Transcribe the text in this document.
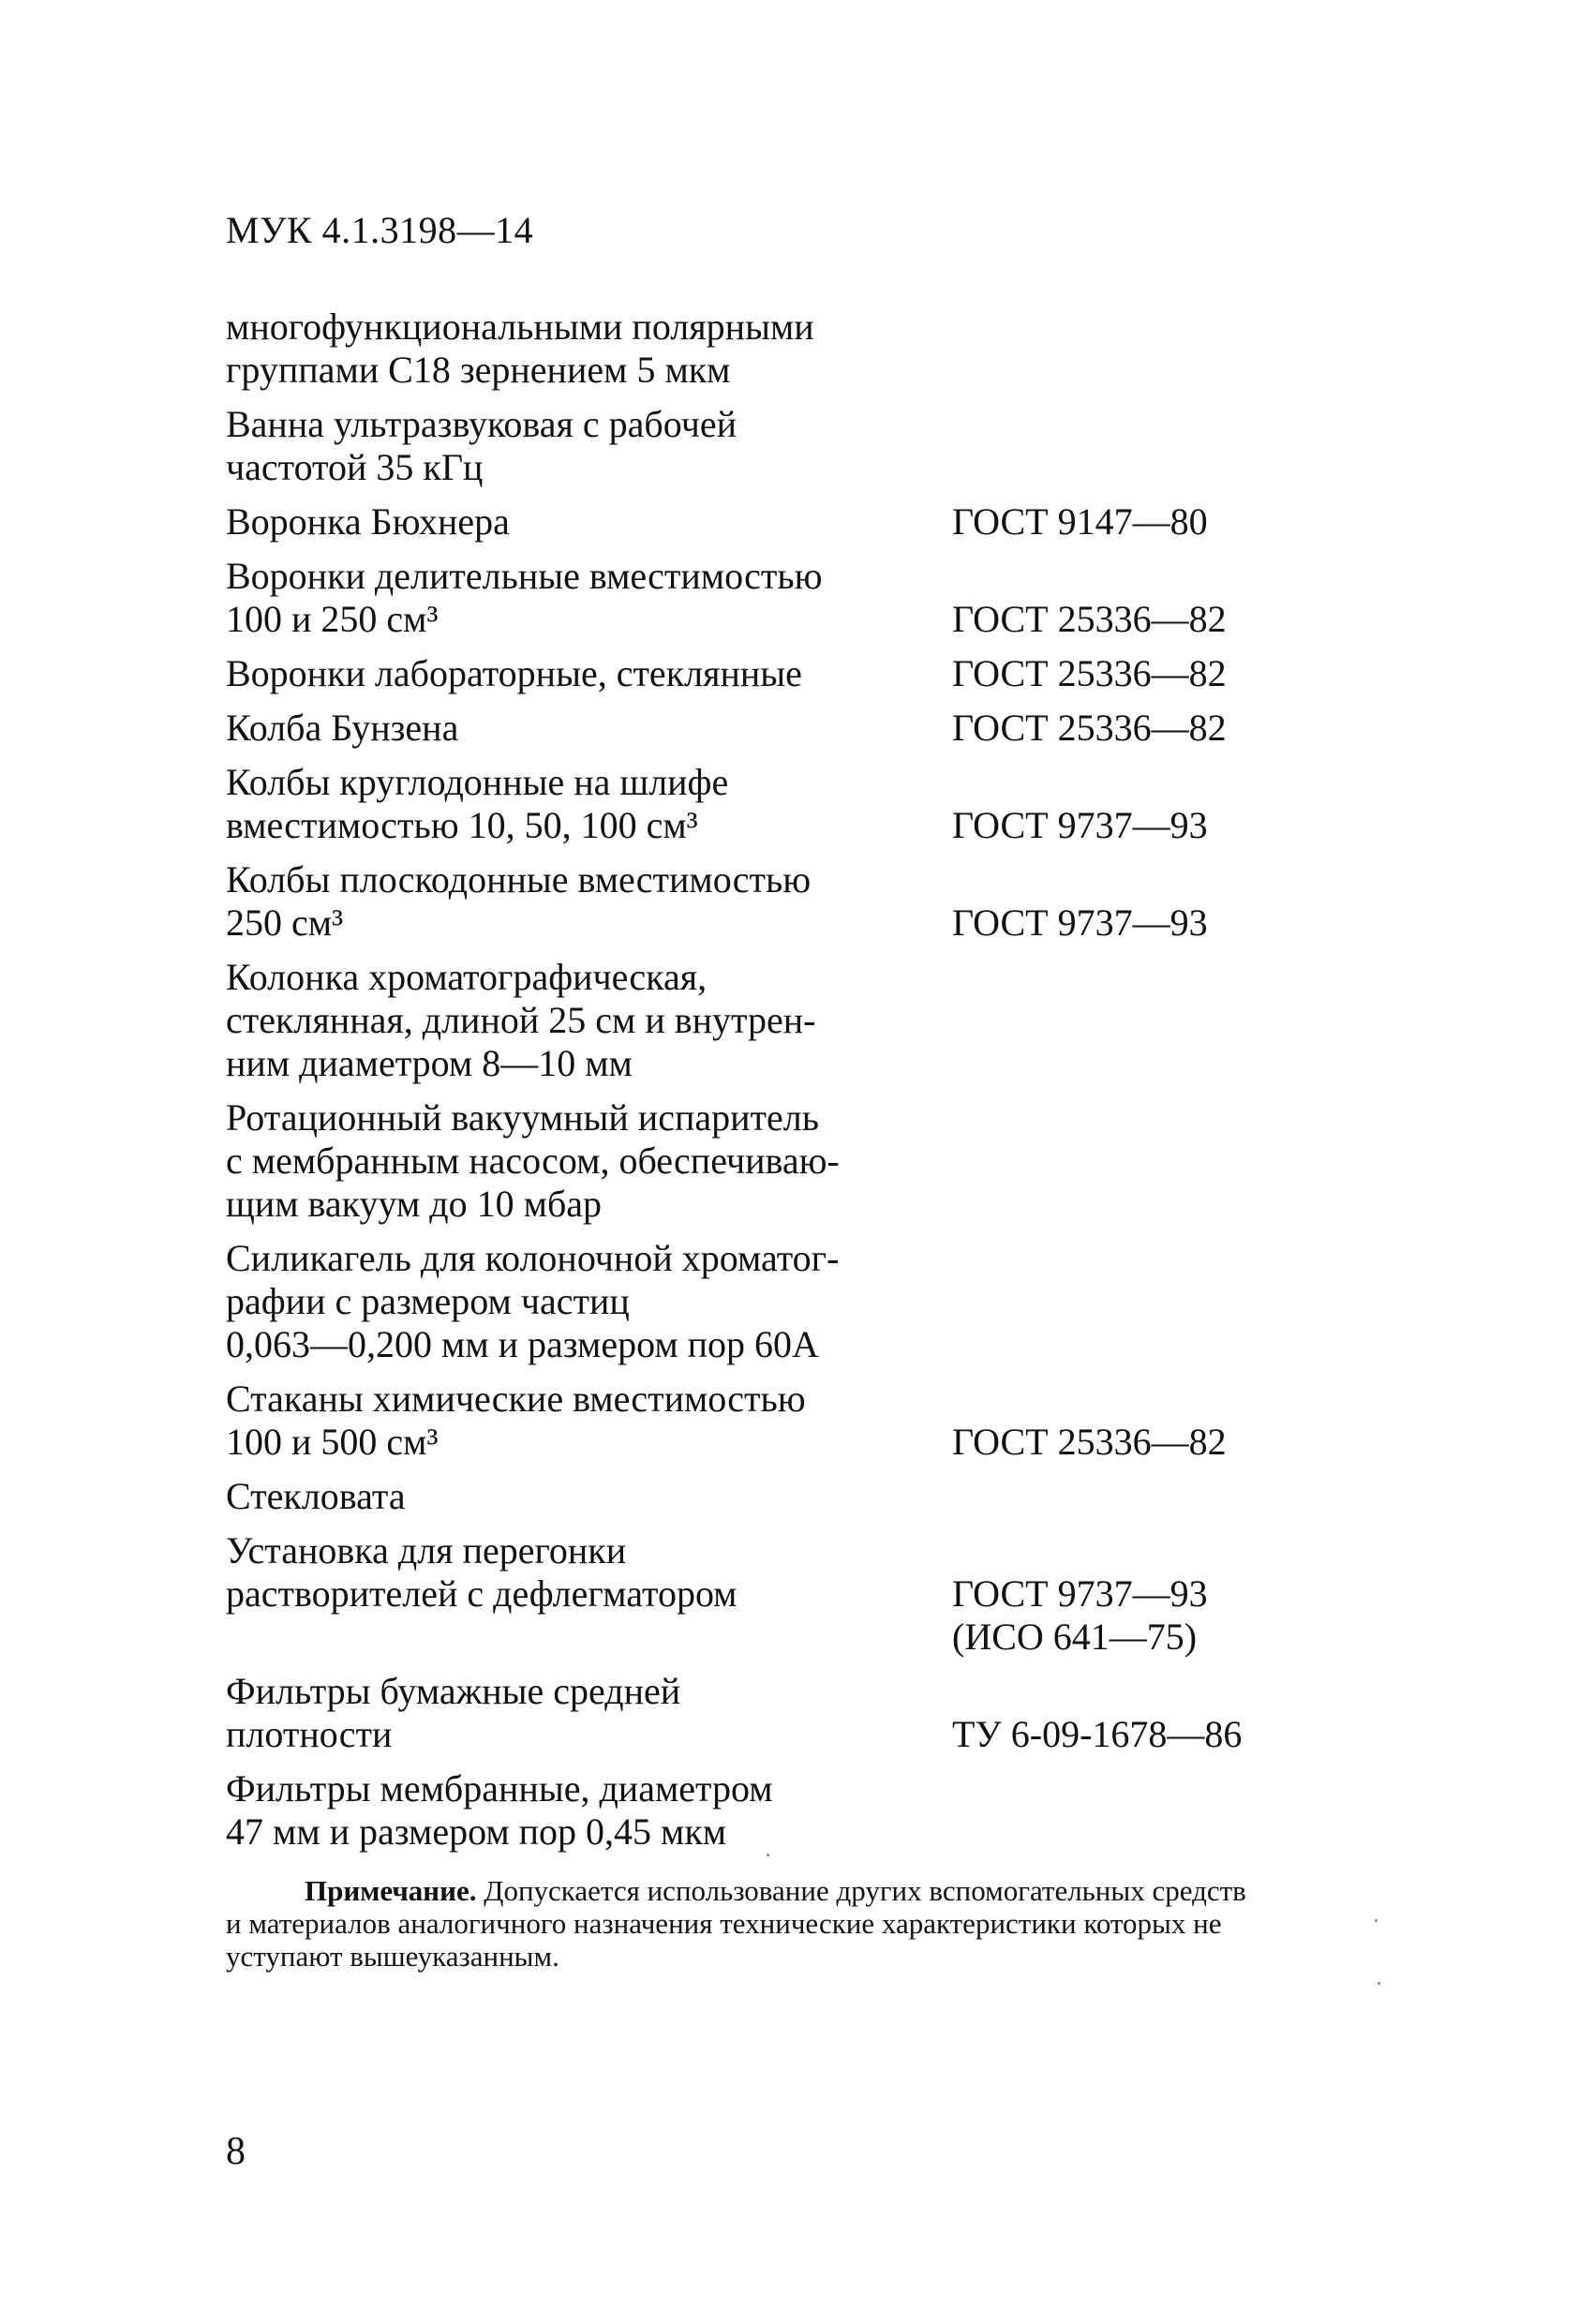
МУК 4.1.3198—14
многофункциональными полярными
группами С18 зернением 5 мкм
Ванна ультразвуковая с рабочей
частотой 35 кГц
Воронка Бюхнера	ГОСТ 9147—80
Воронки делительные вместимостью
100 и 250 см³	ГОСТ 25336—82
Воронки лабораторные, стеклянные	ГОСТ 25336—82
Колба Бунзена	ГОСТ 25336—82
Колбы круглодонные на шлифе
вместимостью 10, 50, 100 см³	ГОСТ 9737—93
Колбы плоскодонные вместимостью
250 см³	ГОСТ 9737—93
Колонка хроматографическая,
стеклянная, длиной 25 см и внутрен-
ним диаметром 8—10 мм
Ротационный вакуумный испаритель
с мембранным насосом, обеспечиваю-
щим вакуум до 10 мбар
Силикагель для колоночной хроматог-
рафии с размером частиц
0,063—0,200 мм и размером пор 60А
Стаканы химические вместимостью
100 и 500 см³	ГОСТ 25336—82
Стекловата
Установка для перегонки
растворителей с дефлегматором	ГОСТ 9737—93
(ИСО 641—75)
Фильтры бумажные средней
плотности	ТУ 6-09-1678—86
Фильтры мембранные, диаметром
47 мм и размером пор 0,45 мкм
Примечание. Допускается использование других вспомогательных средств
и материалов аналогичного назначения технические характеристики которых не
уступают вышеуказанным.
8
